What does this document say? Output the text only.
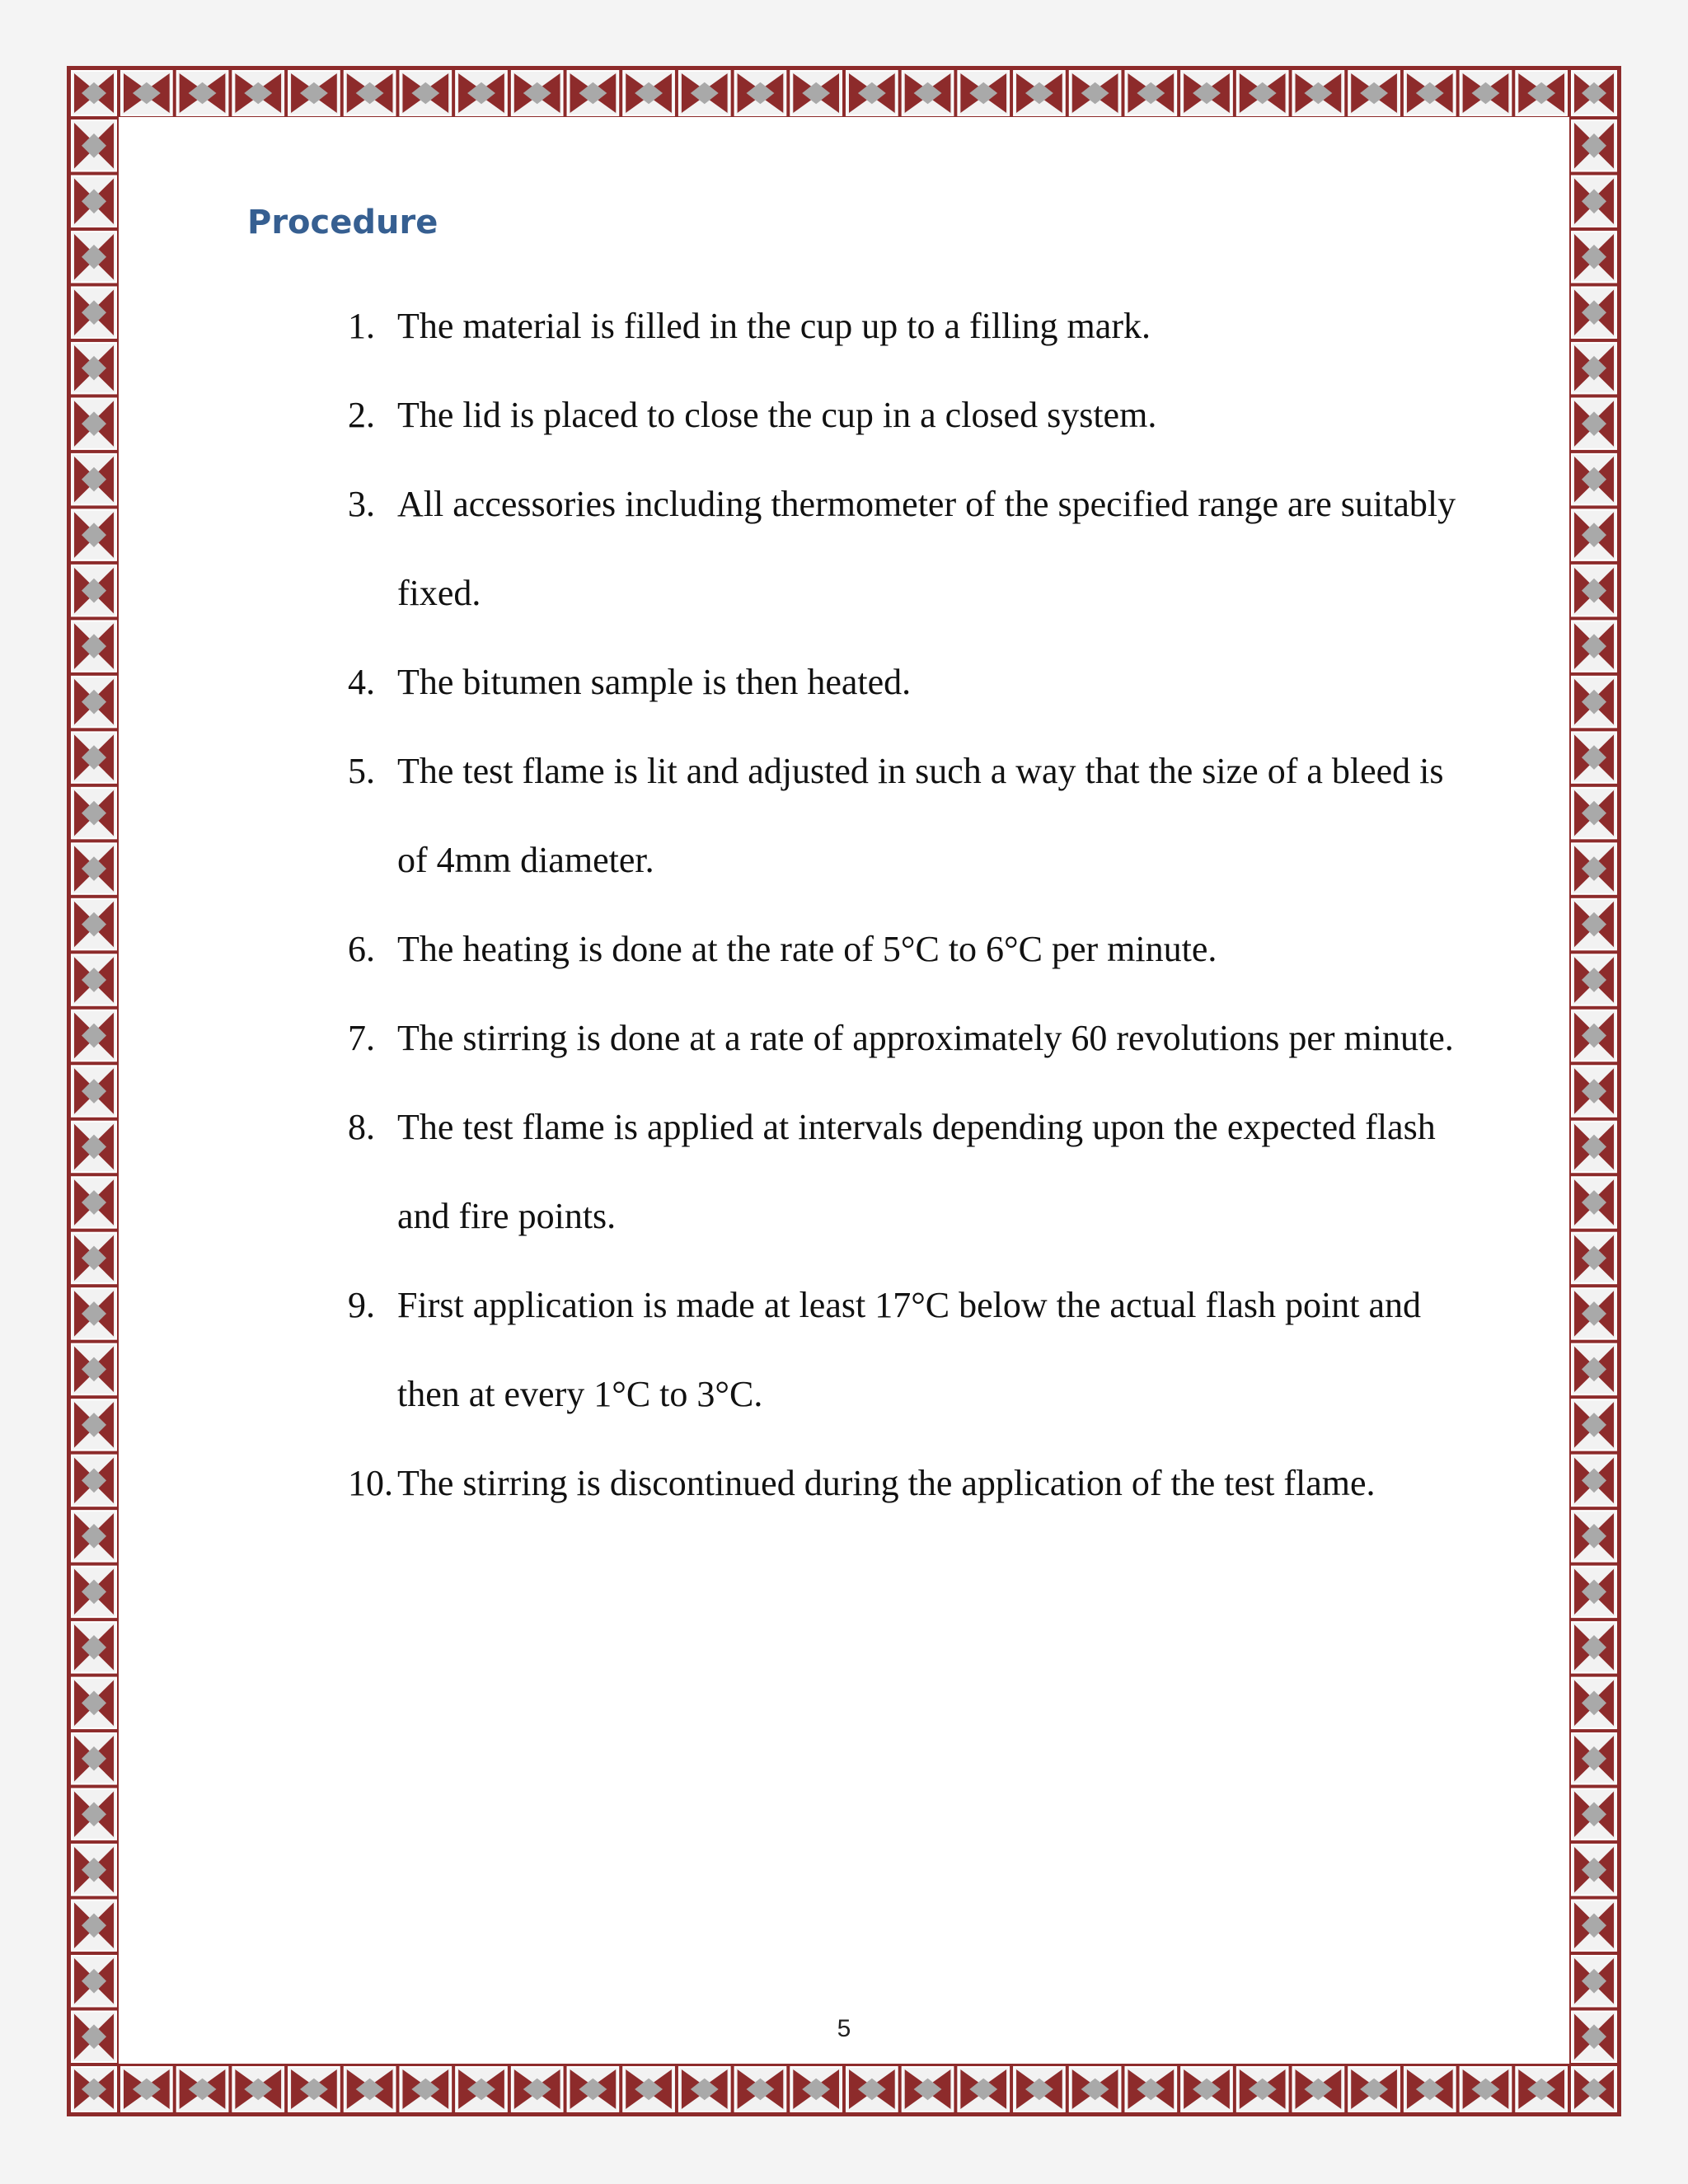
Procedure
1. The material is filled in the cup up to a filling mark.
2. The lid is placed to close the cup in a closed system.
3. All accessories including thermometer of the specified range are suitably fixed.
4. The bitumen sample is then heated.
5. The test flame is lit and adjusted in such a way that the size of a bleed is of 4mm diameter.
6. The heating is done at the rate of 5°C to 6°C per minute.
7. The stirring is done at a rate of approximately 60 revolutions per minute.
8. The test flame is applied at intervals depending upon the expected flash and fire points.
9. First application is made at least 17°C below the actual flash point and then at every 1°C to 3°C.
10. The stirring is discontinued during the application of the test flame.
5
